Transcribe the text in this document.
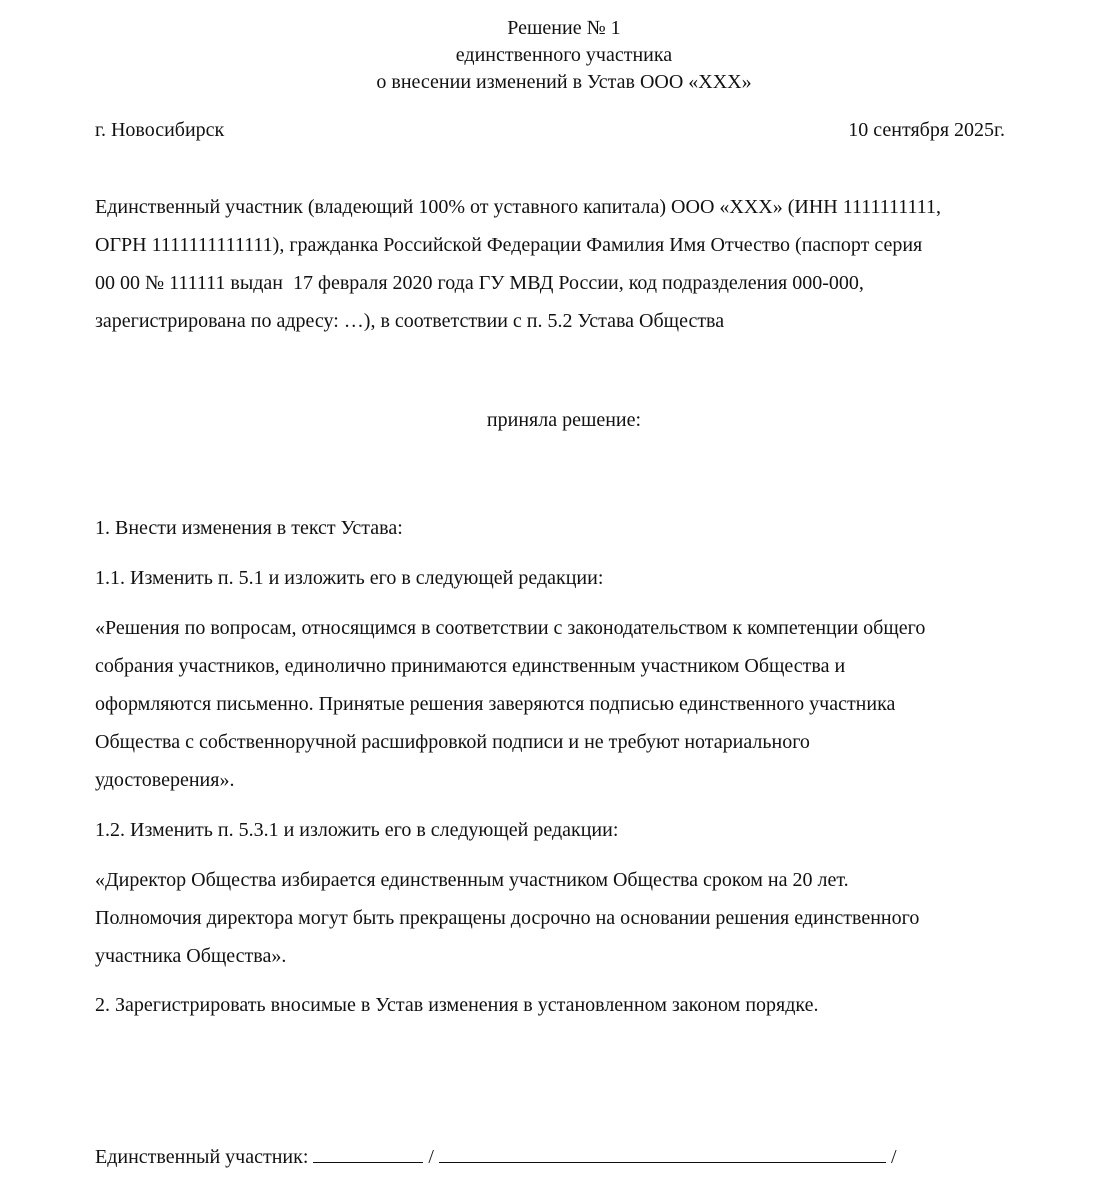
Решение № 1
единственного участника
о внесении изменений в Устав ООО «XXX»
г. Новосибирск	10 сентября 2025г.
Единственный участник (владеющий 100% от уставного капитала) ООО «XXX» (ИНН 1111111111,
ОГРН 1111111111111), гражданка Российской Федерации Фамилия Имя Отчество (паспорт серия
00 00 № 111111 выдан  17 февраля 2020 года ГУ МВД России, код подразделения 000-000,
зарегистрирована по адресу: …), в соответствии с п. 5.2 Устава Общества
приняла решение:
1. Внести изменения в текст Устава:
1.1. Изменить п. 5.1 и изложить его в следующей редакции:
«Решения по вопросам, относящимся в соответствии с законодательством к компетенции общего
собрания участников, единолично принимаются единственным участником Общества и
оформляются письменно. Принятые решения заверяются подписью единственного участника
Общества с собственноручной расшифровкой подписи и не требуют нотариального
удостоверения».
1.2. Изменить п. 5.3.1 и изложить его в следующей редакции:
«Директор Общества избирается единственным участником Общества сроком на 20 лет.
Полномочия директора могут быть прекращены досрочно на основании решения единственного
участника Общества».
2. Зарегистрировать вносимые в Устав изменения в установленном законом порядке.
Единственный участник:

	/

	/
